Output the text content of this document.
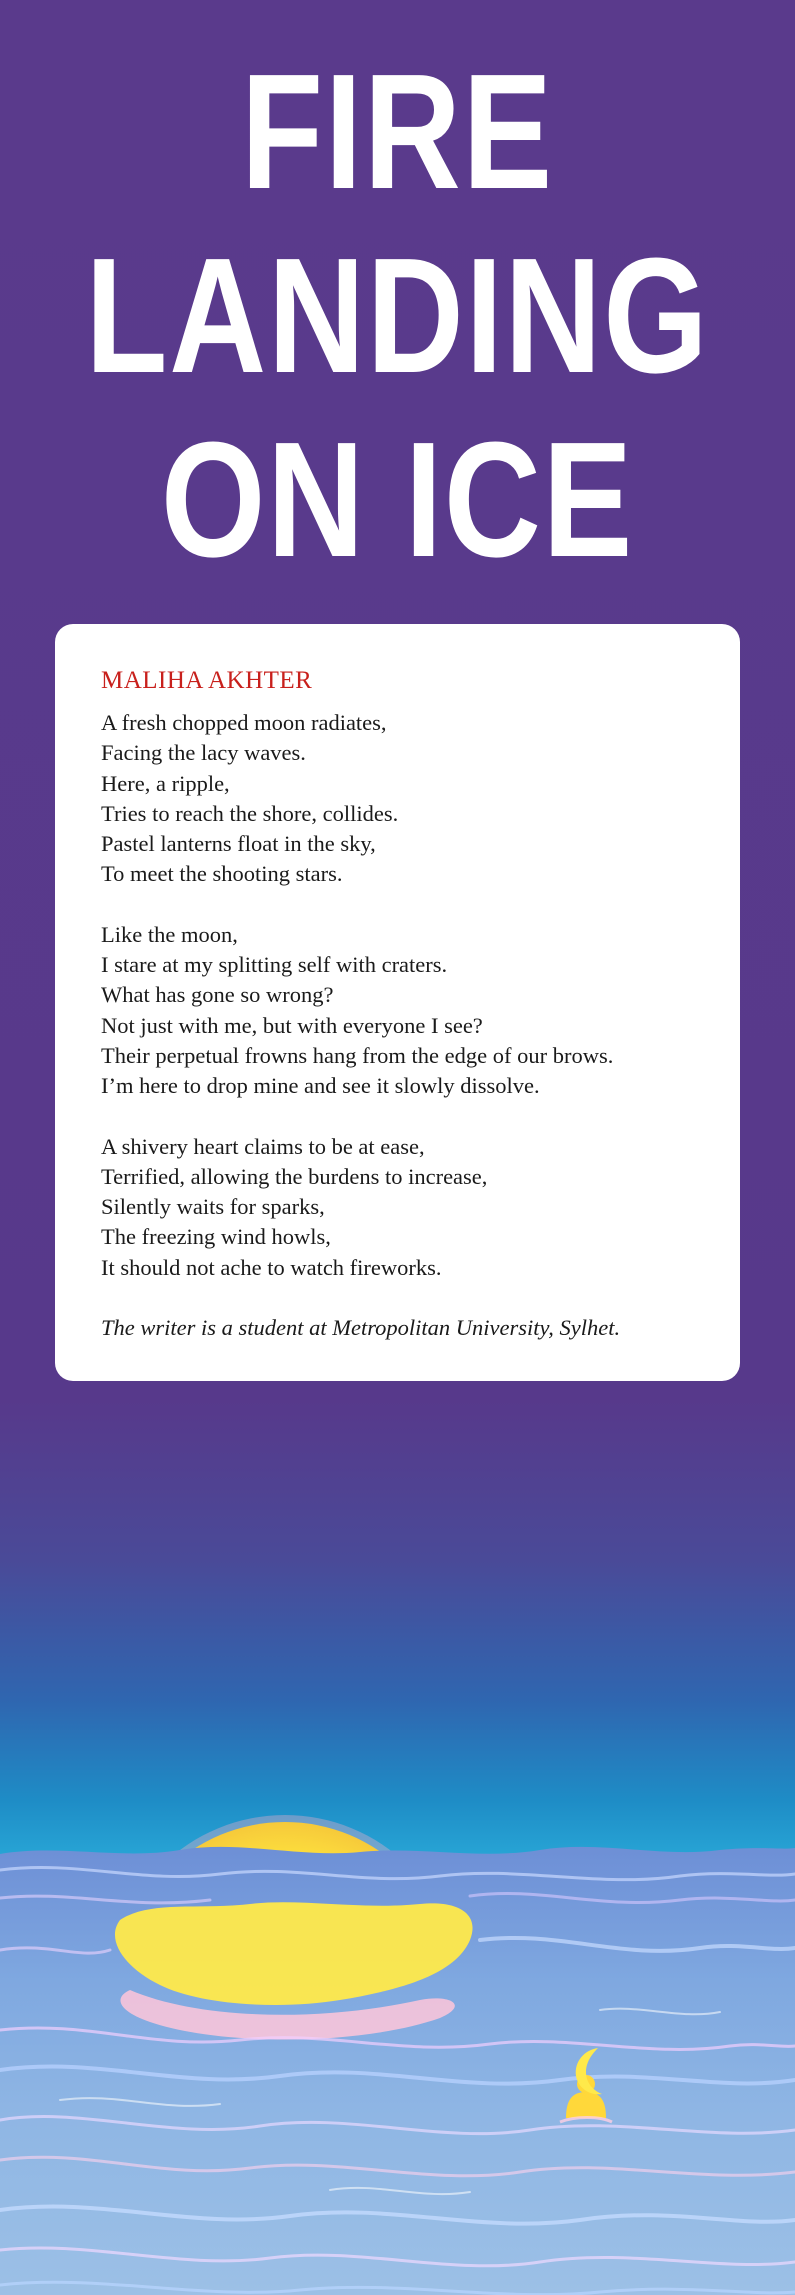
FIRE
LANDING
ON ICE
MALIHA AKHTER
A fresh chopped moon radiates,
Facing the lacy waves.
Here, a ripple,
Tries to reach the shore, collides.
Pastel lanterns float in the sky,
To meet the shooting stars.
Like the moon,
I stare at my splitting self with craters.
What has gone so wrong?
Not just with me, but with everyone I see?
Their perpetual frowns hang from the edge of our brows.
I’m here to drop mine and see it slowly dissolve.
A shivery heart claims to be at ease,
Terrified, allowing the burdens to increase,
Silently waits for sparks,
The freezing wind howls,
It should not ache to watch fireworks.
The writer is a student at Metropolitan University, Sylhet.
